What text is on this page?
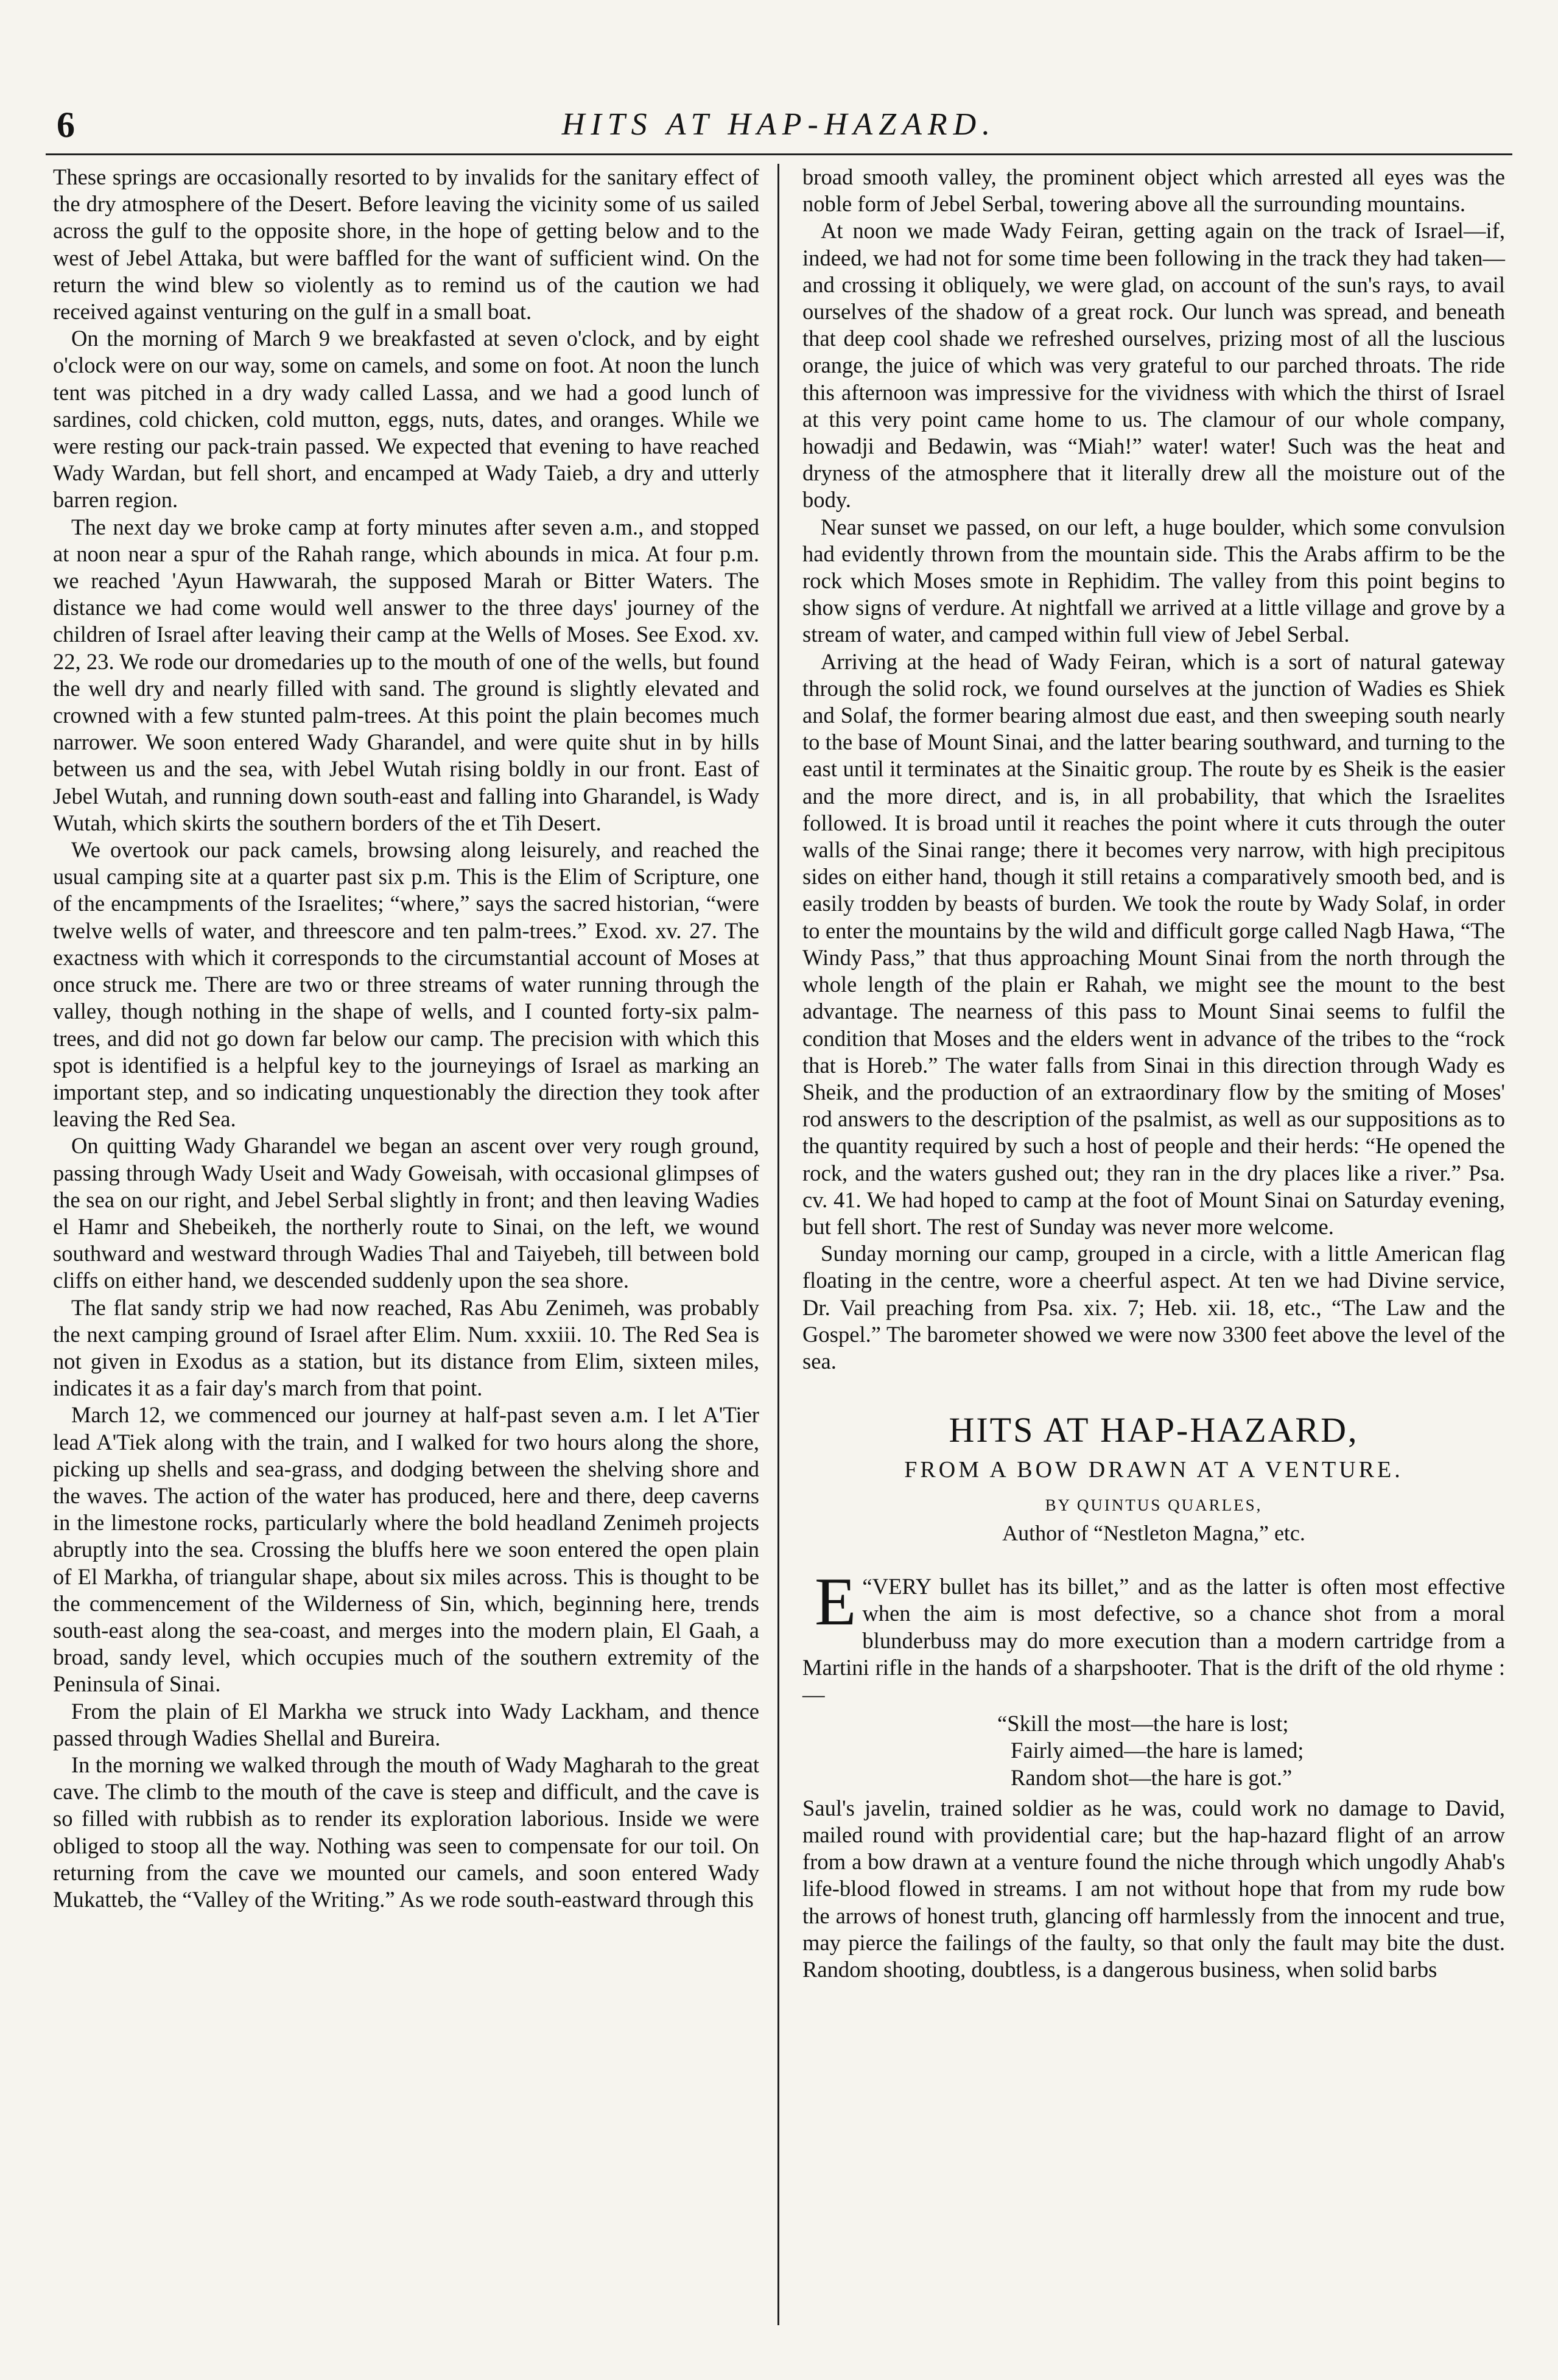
6	HITS AT HAP-HAZARD.

These springs are occasionally resorted to by invalids for the sanitary effect of the dry atmosphere of the Desert. Before leaving the vicinity some of us sailed across the gulf to the opposite shore, in the hope of getting below and to the west of Jebel Attaka, but were baffled for the want of sufficient wind. On the return the wind blew so violently as to remind us of the caution we had received against venturing on the gulf in a small boat.

On the morning of March 9 we breakfasted at seven o'clock, and by eight o'clock were on our way, some on camels, and some on foot. At noon the lunch tent was pitched in a dry wady called Lassa, and we had a good lunch of sardines, cold chicken, cold mutton, eggs, nuts, dates, and oranges. While we were resting our pack-train passed. We expected that evening to have reached Wady Wardan, but fell short, and encamped at Wady Taieb, a dry and utterly barren region.

The next day we broke camp at forty minutes after seven a.m., and stopped at noon near a spur of the Rahah range, which abounds in mica. At four p.m. we reached 'Ayun Hawwarah, the supposed Marah or Bitter Waters. The distance we had come would well answer to the three days' journey of the children of Israel after leaving their camp at the Wells of Moses. See Exod. xv. 22, 23. We rode our dromedaries up to the mouth of one of the wells, but found the well dry and nearly filled with sand. The ground is slightly elevated and crowned with a few stunted palm-trees. At this point the plain becomes much narrower. We soon entered Wady Gharandel, and were quite shut in by hills between us and the sea, with Jebel Wutah rising boldly in our front. East of Jebel Wutah, and running down south-east and falling into Gharandel, is Wady Wutah, which skirts the southern borders of the et Tih Desert.

We overtook our pack camels, browsing along leisurely, and reached the usual camping site at a quarter past six p.m. This is the Elim of Scripture, one of the encampments of the Israelites; “where,” says the sacred historian, “were twelve wells of water, and threescore and ten palm-trees.” Exod. xv. 27. The exactness with which it corresponds to the circumstantial account of Moses at once struck me. There are two or three streams of water running through the valley, though nothing in the shape of wells, and I counted forty-six palm-trees, and did not go down far below our camp. The precision with which this spot is identified is a helpful key to the journeyings of Israel as marking an important step, and so indicating unquestionably the direction they took after leaving the Red Sea.

On quitting Wady Gharandel we began an ascent over very rough ground, passing through Wady Useit and Wady Goweisah, with occasional glimpses of the sea on our right, and Jebel Serbal slightly in front; and then leaving Wadies el Hamr and Shebeikeh, the northerly route to Sinai, on the left, we wound southward and westward through Wadies Thal and Taiyebeh, till between bold cliffs on either hand, we descended suddenly upon the sea shore.

The flat sandy strip we had now reached, Ras Abu Zenimeh, was probably the next camping ground of Israel after Elim. Num. xxxiii. 10. The Red Sea is not given in Exodus as a station, but its distance from Elim, sixteen miles, indicates it as a fair day's march from that point.

March 12, we commenced our journey at half-past seven a.m. I let A'Tier lead A'Tiek along with the train, and I walked for two hours along the shore, picking up shells and sea-grass, and dodging between the shelving shore and the waves. The action of the water has produced, here and there, deep caverns in the limestone rocks, particularly where the bold headland Zenimeh projects abruptly into the sea. Crossing the bluffs here we soon entered the open plain of El Markha, of triangular shape, about six miles across. This is thought to be the commencement of the Wilderness of Sin, which, beginning here, trends south-east along the sea-coast, and merges into the modern plain, El Gaah, a broad, sandy level, which occupies much of the southern extremity of the Peninsula of Sinai.

From the plain of El Markha we struck into Wady Lackham, and thence passed through Wadies Shellal and Bureira.

In the morning we walked through the mouth of Wady Magharah to the great cave. The climb to the mouth of the cave is steep and difficult, and the cave is so filled with rubbish as to render its exploration laborious. Inside we were obliged to stoop all the way. Nothing was seen to compensate for our toil. On returning from the cave we mounted our camels, and soon entered Wady Mukatteb, the “Valley of the Writing.” As we rode south-eastward through this

broad smooth valley, the prominent object which arrested all eyes was the noble form of Jebel Serbal, towering above all the surrounding mountains.

At noon we made Wady Feiran, getting again on the track of Israel—if, indeed, we had not for some time been following in the track they had taken—and crossing it obliquely, we were glad, on account of the sun's rays, to avail ourselves of the shadow of a great rock. Our lunch was spread, and beneath that deep cool shade we refreshed ourselves, prizing most of all the luscious orange, the juice of which was very grateful to our parched throats. The ride this afternoon was impressive for the vividness with which the thirst of Israel at this very point came home to us. The clamour of our whole company, howadji and Bedawin, was “Miah!” water! water! Such was the heat and dryness of the atmosphere that it literally drew all the moisture out of the body.

Near sunset we passed, on our left, a huge boulder, which some convulsion had evidently thrown from the mountain side. This the Arabs affirm to be the rock which Moses smote in Rephidim. The valley from this point begins to show signs of verdure. At nightfall we arrived at a little village and grove by a stream of water, and camped within full view of Jebel Serbal.

Arriving at the head of Wady Feiran, which is a sort of natural gateway through the solid rock, we found ourselves at the junction of Wadies es Shiek and Solaf, the former bearing almost due east, and then sweeping south nearly to the base of Mount Sinai, and the latter bearing southward, and turning to the east until it terminates at the Sinaitic group. The route by es Sheik is the easier and the more direct, and is, in all probability, that which the Israelites followed. It is broad until it reaches the point where it cuts through the outer walls of the Sinai range; there it becomes very narrow, with high precipitous sides on either hand, though it still retains a comparatively smooth bed, and is easily trodden by beasts of burden. We took the route by Wady Solaf, in order to enter the mountains by the wild and difficult gorge called Nagb Hawa, “The Windy Pass,” that thus approaching Mount Sinai from the north through the whole length of the plain er Rahah, we might see the mount to the best advantage. The nearness of this pass to Mount Sinai seems to fulfil the condition that Moses and the elders went in advance of the tribes to the “rock that is Horeb.” The water falls from Sinai in this direction through Wady es Sheik, and the production of an extraordinary flow by the smiting of Moses' rod answers to the description of the psalmist, as well as our suppositions as to the quantity required by such a host of people and their herds: “He opened the rock, and the waters gushed out; they ran in the dry places like a river.” Psa. cv. 41. We had hoped to camp at the foot of Mount Sinai on Saturday evening, but fell short. The rest of Sunday was never more welcome.

Sunday morning our camp, grouped in a circle, with a little American flag floating in the centre, wore a cheerful aspect. At ten we had Divine service, Dr. Vail preaching from Psa. xix. 7; Heb. xii. 18, etc., “The Law and the Gospel.” The barometer showed we were now 3300 feet above the level of the sea.

HITS AT HAP-HAZARD,
FROM A BOW DRAWN AT A VENTURE.
BY QUINTUS QUARLES,
Author of “Nestleton Magna,” etc.

“
E VERY bullet has its billet,” and as the latter is often most effective when the aim is most defective, so a chance shot from a moral blunderbuss may do more execution than a modern cartridge from a Martini rifle in the hands of a sharpshooter. That is the drift of the old rhyme :—

“Skill the most—the hare is lost;
Fairly aimed—the hare is lamed;
Random shot—the hare is got.”

Saul's javelin, trained soldier as he was, could work no damage to David, mailed round with providential care; but the hap-hazard flight of an arrow from a bow drawn at a venture found the niche through which ungodly Ahab's life-blood flowed in streams. I am not without hope that from my rude bow the arrows of honest truth, glancing off harmlessly from the innocent and true, may pierce the failings of the faulty, so that only the fault may bite the dust. Random shooting, doubtless, is a dangerous business, when solid barbs
